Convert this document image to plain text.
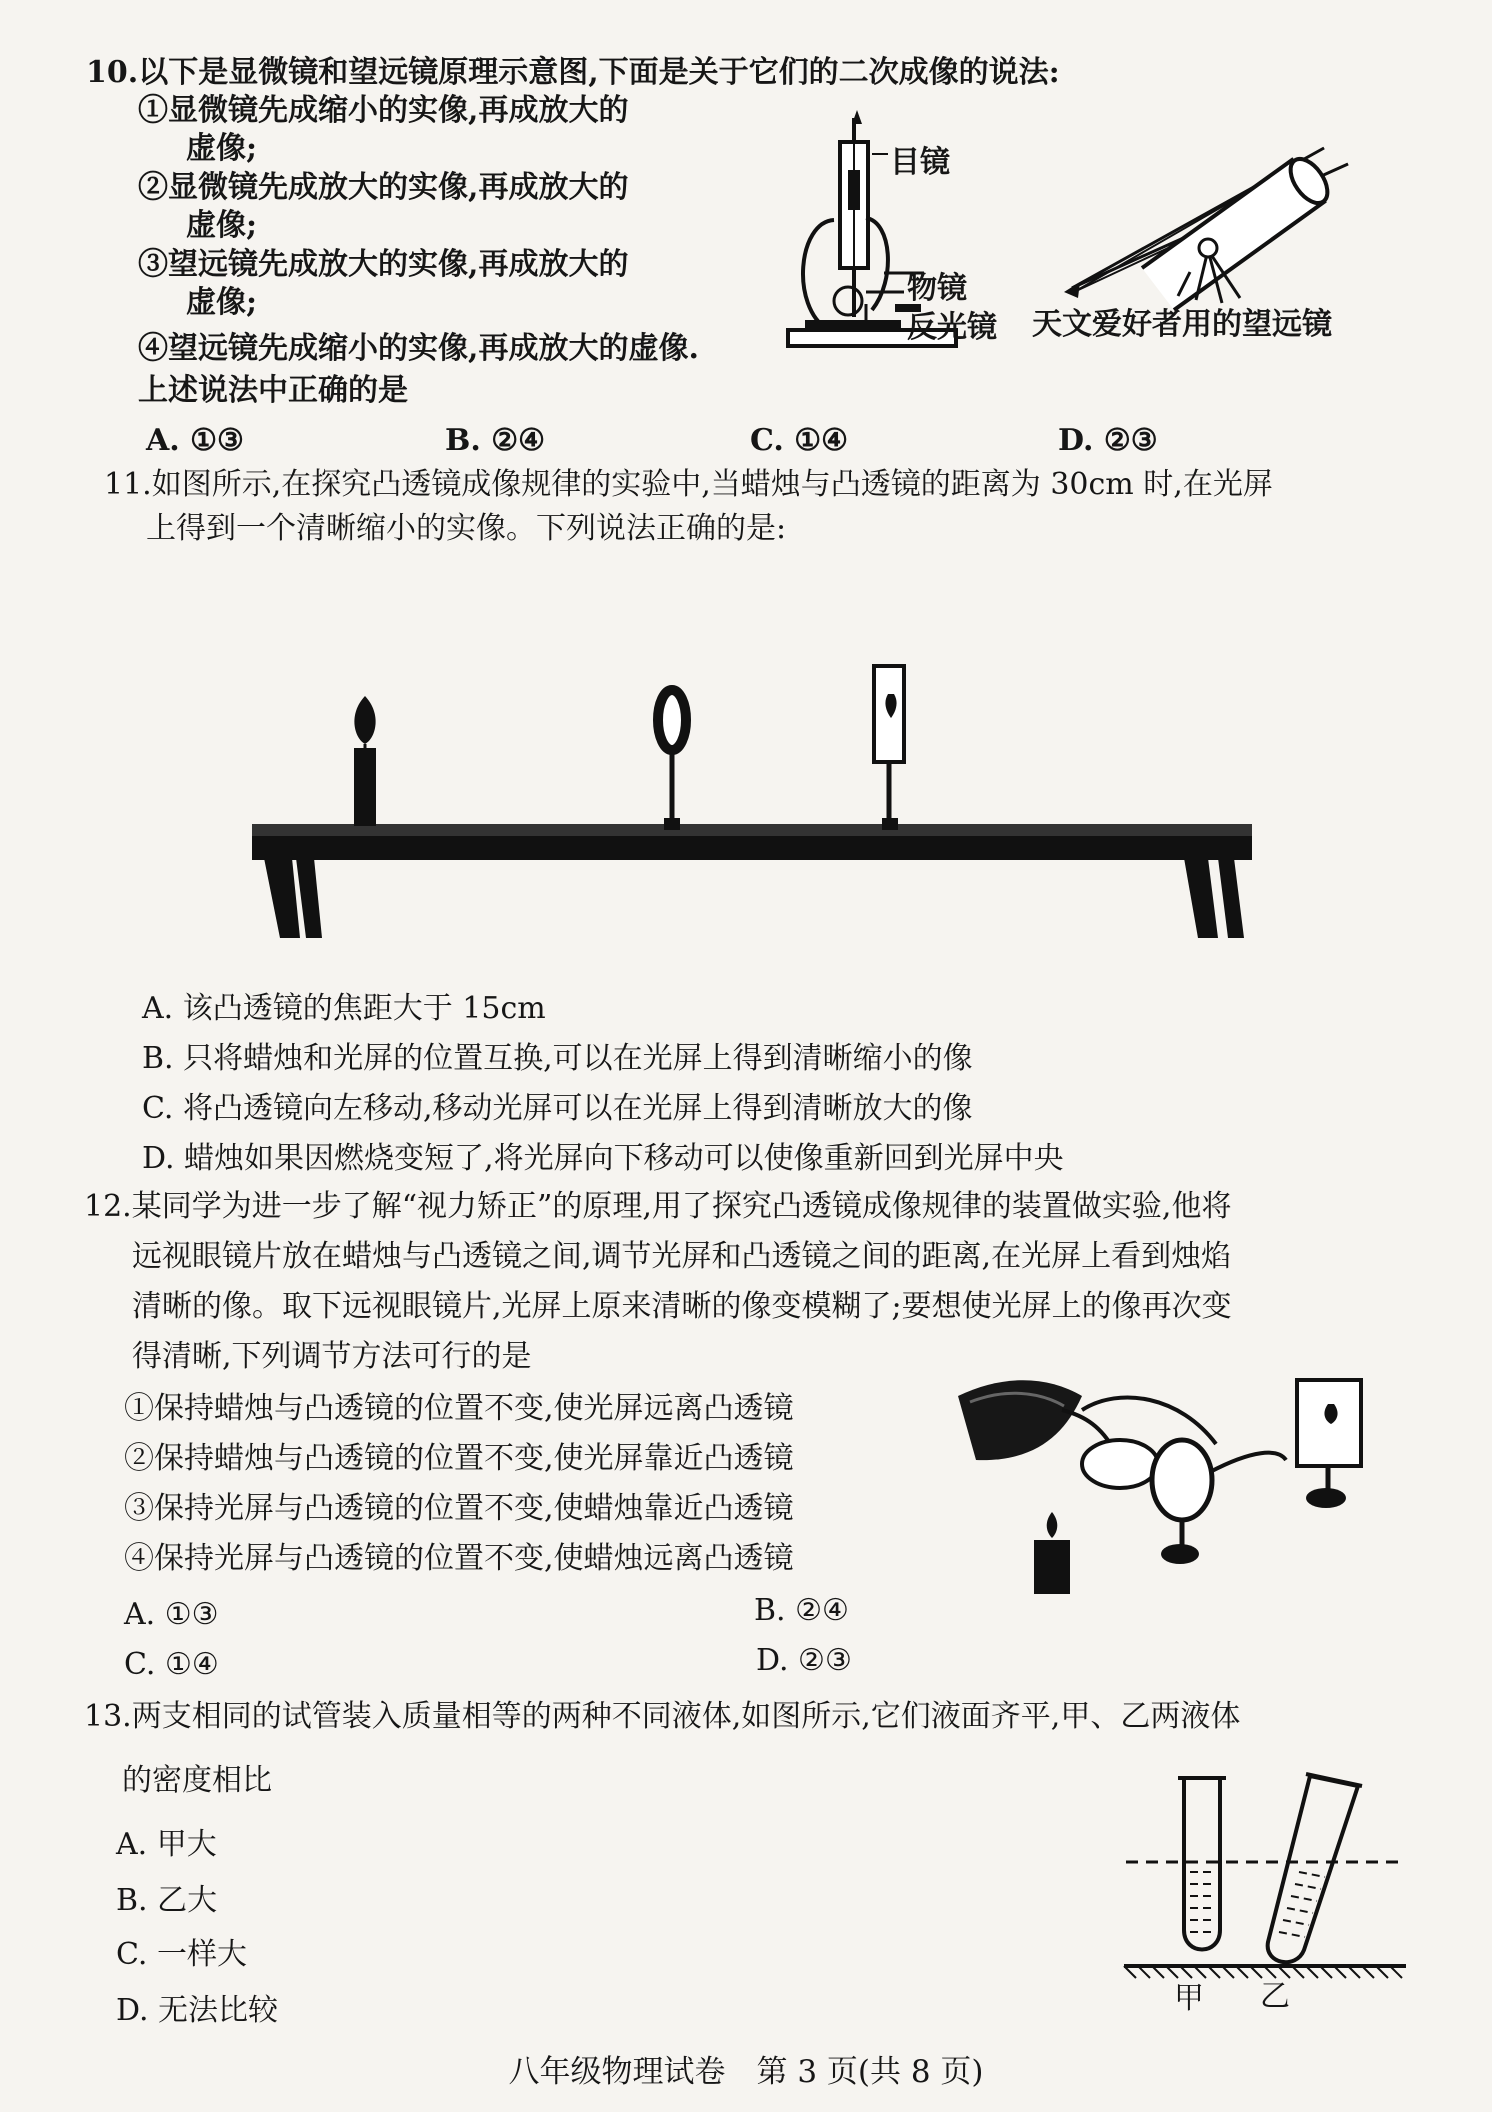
10.以下是显微镜和望远镜原理示意图,下面是关于它们的二次成像的说法:
①显微镜先成缩小的实像,再成放大的
虚像;
②显微镜先成放大的实像,再成放大的
虚像;
③望远镜先成放大的实像,再成放大的
虚像;
④望远镜先成缩小的实像,再成放大的虚像.
上述说法中正确的是
A. ①③	B. ②④	C. ①④	D. ②③
目镜
物镜
反光镜 天文爱好者用的望远镜
11.如图所示,在探究凸透镜成像规律的实验中,当蜡烛与凸透镜的距离为 30cm 时,在光屏
上得到一个清晰缩小的实像。下列说法正确的是:
A. 该凸透镜的焦距大于 15cm
B. 只将蜡烛和光屏的位置互换,可以在光屏上得到清晰缩小的像
C. 将凸透镜向左移动,移动光屏可以在光屏上得到清晰放大的像
D. 蜡烛如果因燃烧变短了,将光屏向下移动可以使像重新回到光屏中央
12.某同学为进一步了解“视力矫正”的原理,用了探究凸透镜成像规律的装置做实验,他将
远视眼镜片放在蜡烛与凸透镜之间,调节光屏和凸透镜之间的距离,在光屏上看到烛焰
清晰的像。取下远视眼镜片,光屏上原来清晰的像变模糊了;要想使光屏上的像再次变
得清晰,下列调节方法可行的是
①保持蜡烛与凸透镜的位置不变,使光屏远离凸透镜
②保持蜡烛与凸透镜的位置不变,使光屏靠近凸透镜
③保持光屏与凸透镜的位置不变,使蜡烛靠近凸透镜
④保持光屏与凸透镜的位置不变,使蜡烛远离凸透镜
A. ①③	B. ②④
C. ①④	D. ②③
13.两支相同的试管装入质量相等的两种不同液体,如图所示,它们液面齐平,甲、乙两液体
的密度相比
A. 甲大
B. 乙大
C. 一样大
D. 无法比较	甲 乙
八年级物理试卷　第 3 页(共 8 页)
